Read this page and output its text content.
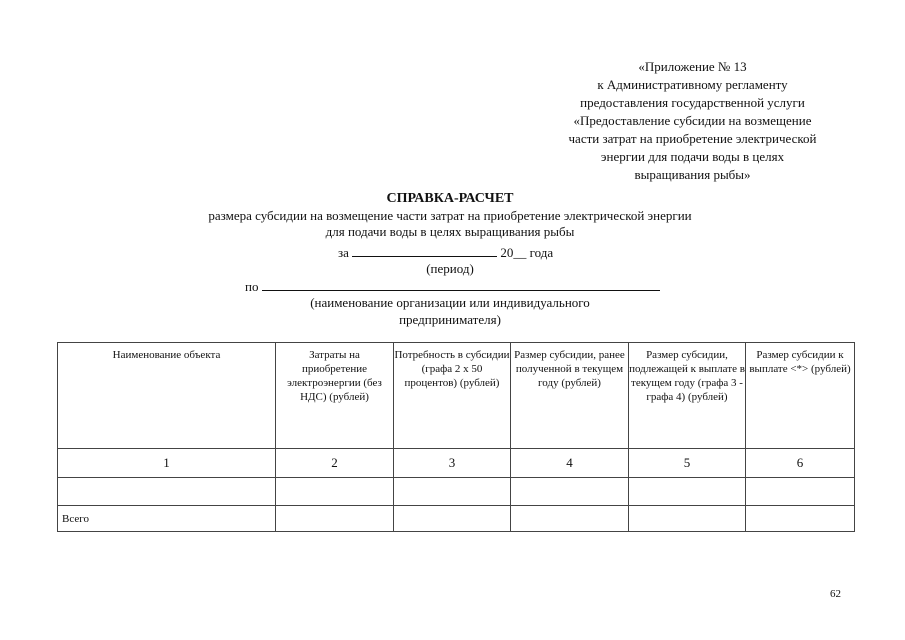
«Приложение № 13
к Административному регламенту
предоставления государственной услуги
«Предоставление субсидии на возмещение
части затрат на приобретение электрической
энергии для подачи воды в целях
выращивания рыбы»
СПРАВКА-РАСЧЕТ
размера субсидии на возмещение части затрат на приобретение электрической энергии
для подачи воды в целях выращивания рыбы
за	20__ года
(период)
по
(наименование организации или индивидуального
предпринимателя)
Наименование объекта	Затраты на приобретение электроэнергии (без НДС) (рублей)	Потребность в субсидии (графа 2 x 50 процентов) (рублей)	Размер субсидии, ранее полученной в текущем году (рублей)	Размер субсидии, подлежащей к выплате в текущем году (графа 3 - графа 4) (рублей)	Размер субсидии к выплате <*> (рублей)
1	2	3	4	5	6

Всего					
62
